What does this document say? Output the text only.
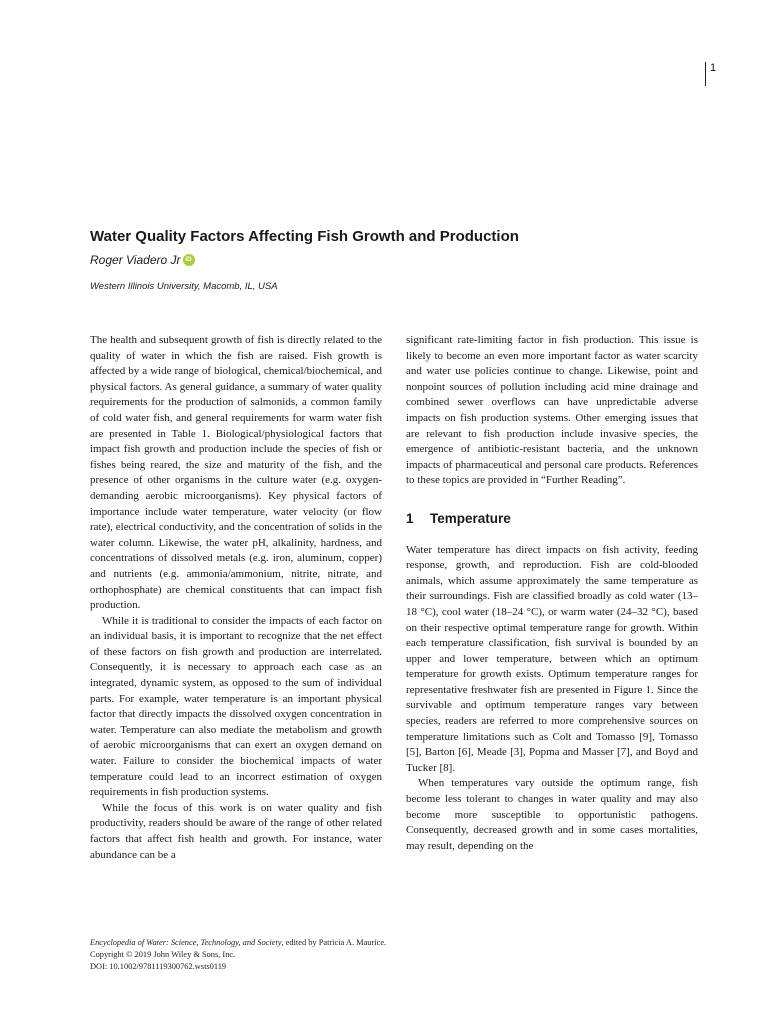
1
Water Quality Factors Affecting Fish Growth and Production
Roger Viadero Jr iD
Western Illinois University, Macomb, IL, USA

The health and subsequent growth of fish is directly related to the quality of water in which the fish are raised. Fish growth is affected by a wide range of biological, chemical/biochemical, and physical factors. As general guidance, a summary of water quality requirements for the production of salmonids, a common family of cold water fish, and general requirements for warm water fish are presented in Table 1. Biological/physiological factors that impact fish growth and production include the species of fish or fishes being reared, the size and maturity of the fish, and the presence of other organisms in the culture water (e.g. oxygen-demanding aerobic microorganisms). Key physical factors of importance include water temperature, water velocity (or flow rate), electrical conductivity, and the concentration of solids in the water column. Likewise, the water pH, alkalinity, hardness, and concentrations of dissolved metals (e.g. iron, aluminum, copper) and nutrients (e.g. ammonia/ammonium, nitrite, nitrate, and orthophosphate) are chemical constituents that can impact fish production.

While it is traditional to consider the impacts of each factor on an individual basis, it is important to recognize that the net effect of these factors on fish growth and production are interrelated. Consequently, it is necessary to approach each case as an integrated, dynamic system, as opposed to the sum of individual parts. For example, water temperature is an important physical factor that directly impacts the dissolved oxygen concentration in water. Temperature can also mediate the metabolism and growth of aerobic microorganisms that can exert an oxygen demand on water. Failure to consider the biochemical impacts of water temperature could lead to an incorrect estimation of oxygen requirements in fish production systems.

While the focus of this work is on water quality and fish productivity, readers should be aware of the range of other related factors that affect fish health and growth. For instance, water abundance can be a

significant rate-limiting factor in fish production. This issue is likely to become an even more important factor as water scarcity and water use policies continue to change. Likewise, point and nonpoint sources of pollution including acid mine drainage and combined sewer overflows can have unpredictable adverse impacts on fish production systems. Other emerging issues that are relevant to fish production include invasive species, the emergence of antibiotic-resistant bacteria, and the unknown impacts of pharmaceutical and personal care products. References to these topics are provided in “Further Reading”.

1	Temperature

Water temperature has direct impacts on fish activity, feeding response, growth, and reproduction. Fish are cold-blooded animals, which assume approximately the same temperature as their surroundings. Fish are classified broadly as cold water (13–18 °C), cool water (18–24 °C), or warm water (24–32 °C), based on their respective optimal temperature range for growth. Within each temperature classification, fish survival is bounded by an upper and lower temperature, between which an optimum temperature for growth exists. Optimum temperature ranges for representative freshwater fish are presented in Figure 1. Since the survivable and optimum temperature ranges vary between species, readers are referred to more comprehensive sources on temperature limitations such as Colt and Tomasso [9], Tomasso [5], Barton [6], Meade [3], Popma and Masser [7], and Boyd and Tucker [8].

When temperatures vary outside the optimum range, fish become less tolerant to changes in water quality and may also become more susceptible to opportunistic pathogens. Consequently, decreased growth and in some cases mortalities, may result, depending on the

Encyclopedia of Water: Science, Technology, and Society, edited by Patricia A. Maurice.
Copyright © 2019 John Wiley & Sons, Inc.
DOI: 10.1002/9781119300762.wsts0119
